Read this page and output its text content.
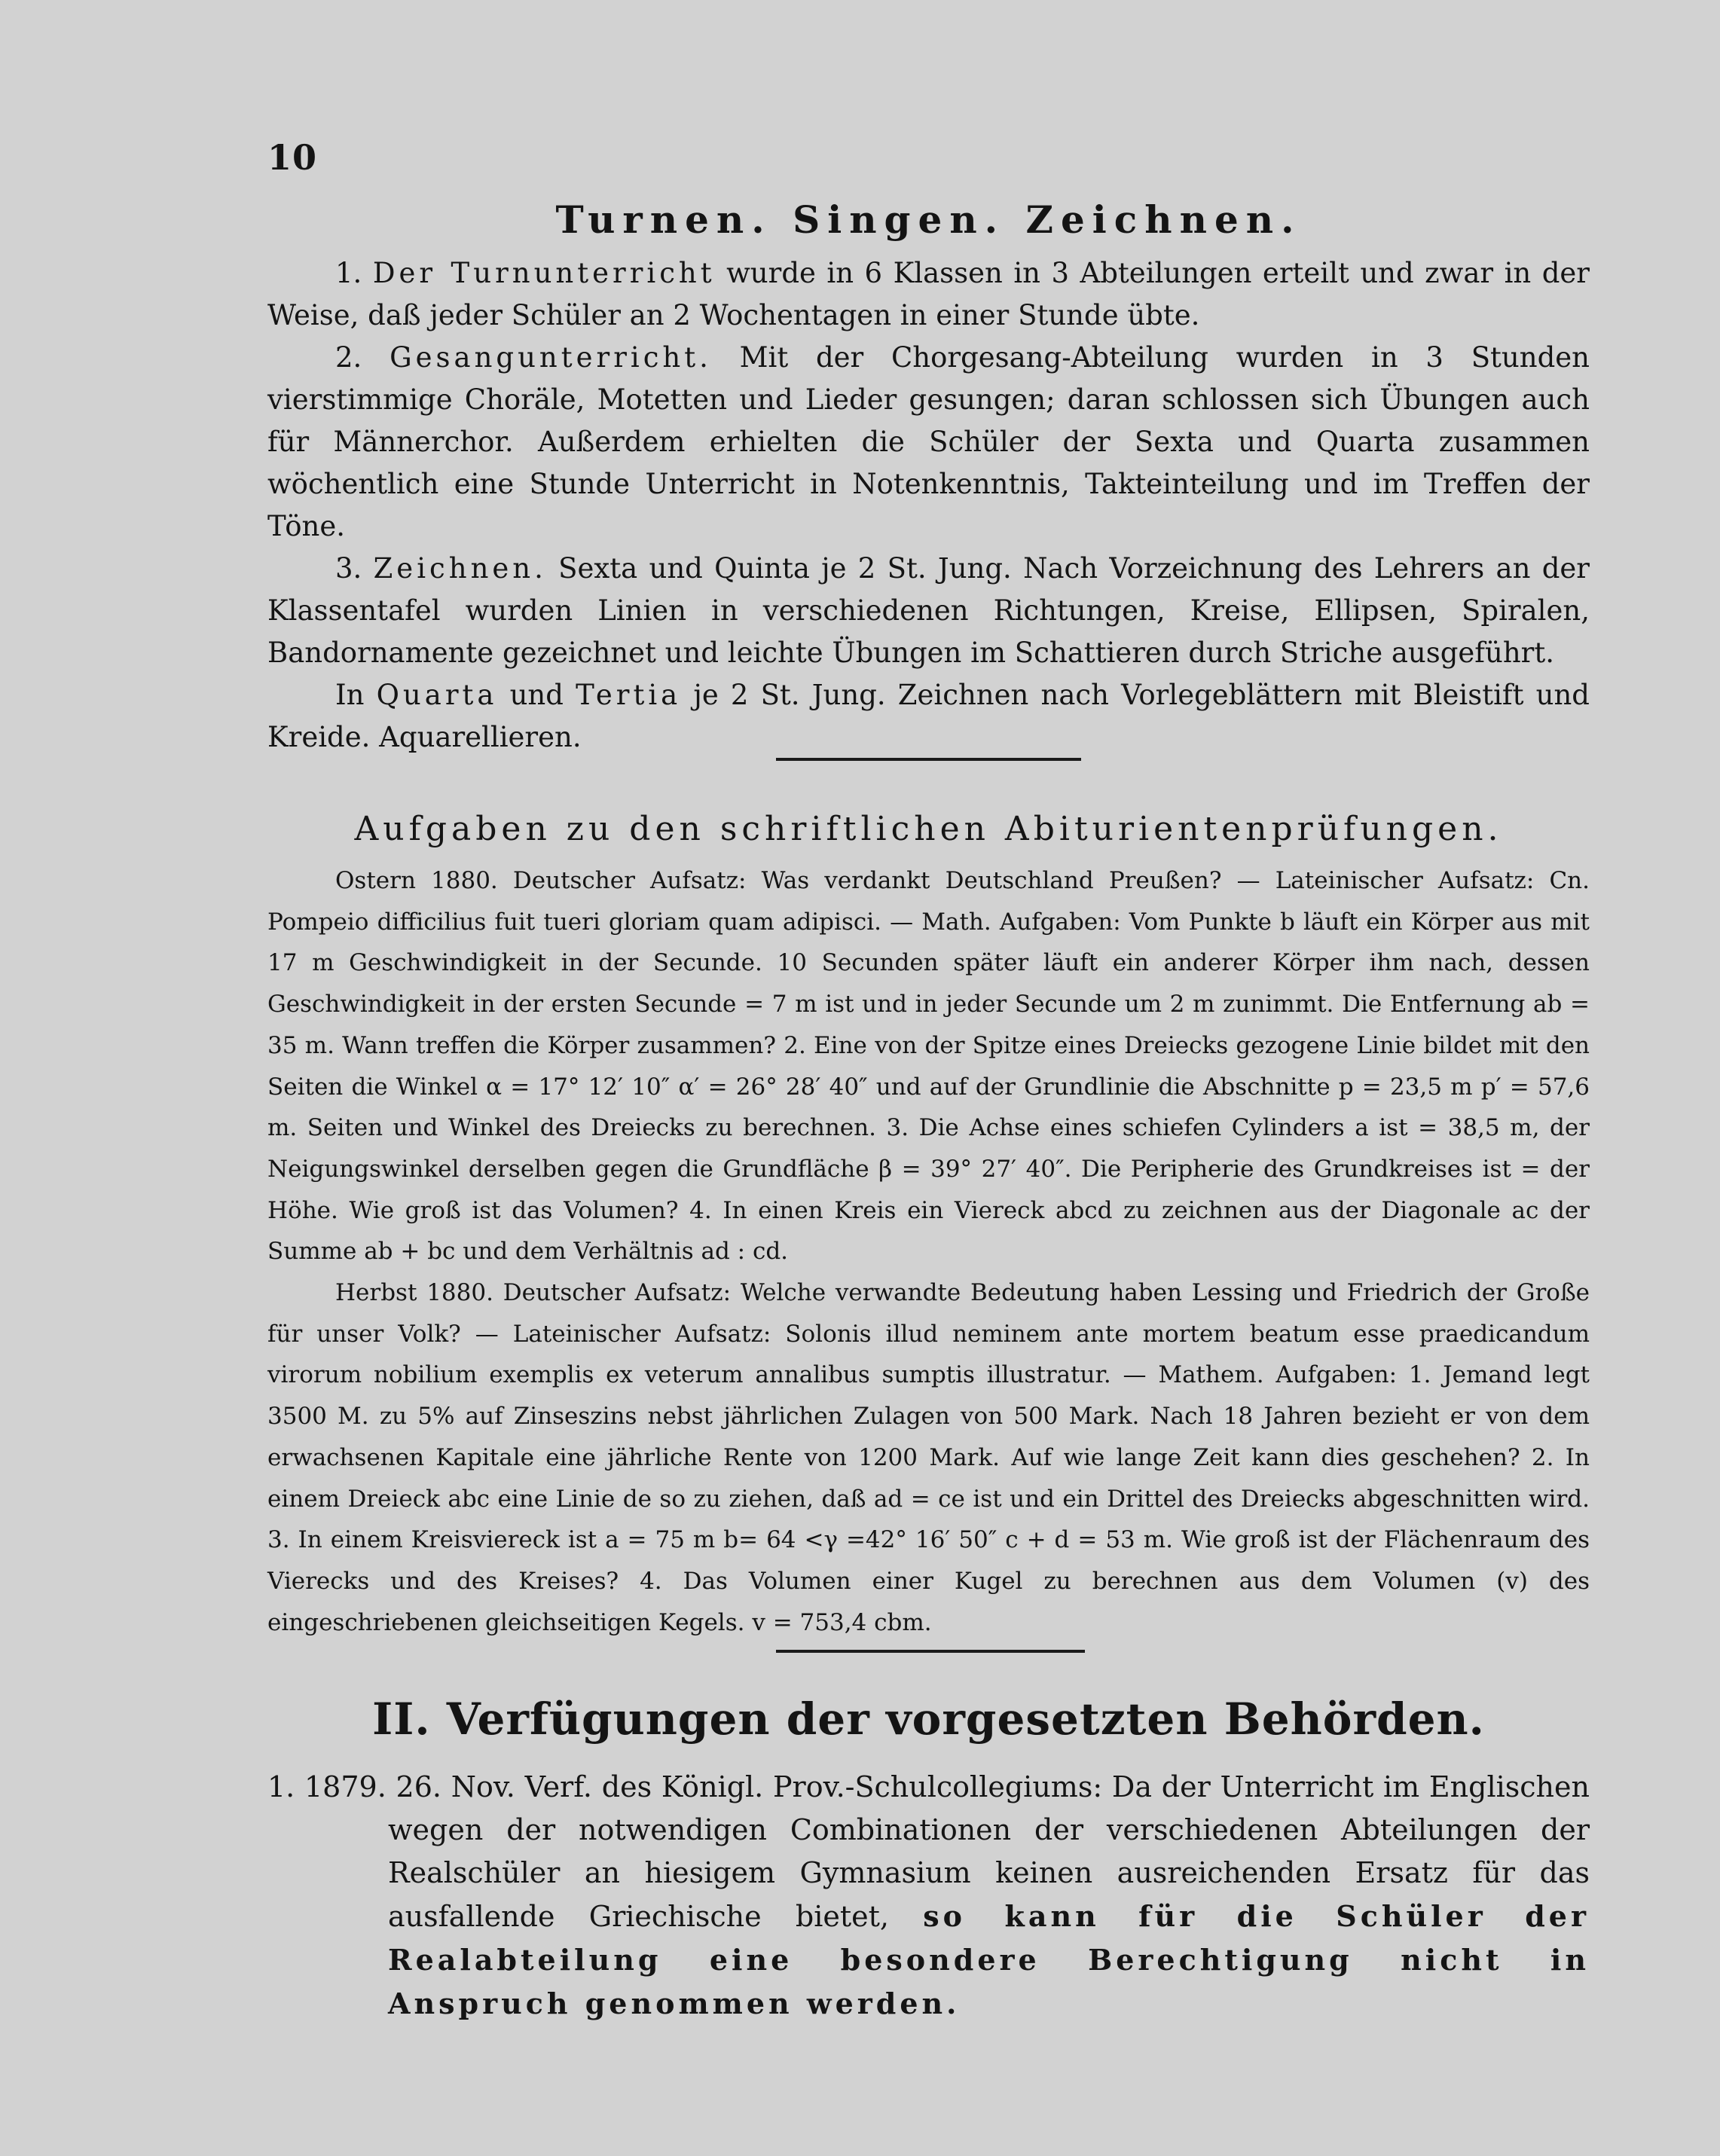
10
Turnen. Singen. Zeichnen.

1. Der Turnunterricht wurde in 6 Klassen in 3 Abteilungen erteilt und zwar in der Weise, daß jeder Schüler an 2 Wochentagen in einer Stunde übte.

2. Gesangunterricht. Mit der Chorgesang-Abteilung wurden in 3 Stunden vierstimmige Choräle, Motetten und Lieder gesungen; daran schlossen sich Übungen auch für Männerchor. Außerdem erhielten die Schüler der Sexta und Quarta zusammen wöchentlich eine Stunde Unterricht in Notenkenntnis, Takteinteilung und im Treffen der Töne.

3. Zeichnen. Sexta und Quinta je 2 St. Jung. Nach Vorzeichnung des Lehrers an der Klassentafel wurden Linien in verschiedenen Richtungen, Kreise, Ellipsen, Spiralen, Bandornamente gezeichnet und leichte Übungen im Schattieren durch Striche ausgeführt.

In Quarta und Tertia je 2 St. Jung. Zeichnen nach Vorlegeblättern mit Bleistift und Kreide. Aquarellieren.

Aufgaben zu den schriftlichen Abiturientenprüfungen.

Ostern 1880. Deutscher Aufsatz: Was verdankt Deutschland Preußen? — Lateinischer Aufsatz: Cn. Pompeio difficilius fuit tueri gloriam quam adipisci. — Math. Aufgaben: Vom Punkte b läuft ein Körper aus mit 17 m Geschwindigkeit in der Secunde. 10 Secunden später läuft ein anderer Körper ihm nach, dessen Geschwindigkeit in der ersten Secunde = 7 m ist und in jeder Secunde um 2 m zunimmt. Die Entfernung ab = 35 m. Wann treffen die Körper zusammen? 2. Eine von der Spitze eines Dreiecks gezogene Linie bildet mit den Seiten die Winkel α = 17° 12′ 10″ α′ = 26° 28′ 40″ und auf der Grundlinie die Abschnitte p = 23,5 m p′ = 57,6 m. Seiten und Winkel des Dreiecks zu berechnen. 3. Die Achse eines schiefen Cylinders a ist = 38,5 m, der Neigungswinkel derselben gegen die Grundfläche β = 39° 27′ 40″. Die Peripherie des Grundkreises ist = der Höhe. Wie groß ist das Volumen? 4. In einen Kreis ein Viereck abcd zu zeichnen aus der Diagonale ac der Summe ab + bc und dem Verhältnis ad : cd.

Herbst 1880. Deutscher Aufsatz: Welche verwandte Bedeutung haben Lessing und Friedrich der Große für unser Volk? — Lateinischer Aufsatz: Solonis illud neminem ante mortem beatum esse praedicandum virorum nobilium exemplis ex veterum annalibus sumptis illustratur. — Mathem. Aufgaben: 1. Jemand legt 3500 M. zu 5% auf Zinseszins nebst jährlichen Zulagen von 500 Mark. Nach 18 Jahren bezieht er von dem erwachsenen Kapitale eine jährliche Rente von 1200 Mark. Auf wie lange Zeit kann dies geschehen? 2. In einem Dreieck abc eine Linie de so zu ziehen, daß ad = ce ist und ein Drittel des Dreiecks abgeschnitten wird. 3. In einem Kreisviereck ist a = 75 m b= 64 <γ =42° 16′ 50″ c + d = 53 m. Wie groß ist der Flächenraum des Vierecks und des Kreises? 4. Das Volumen einer Kugel zu berechnen aus dem Volumen (v) des eingeschriebenen gleichseitigen Kegels. v = 753,4 cbm.

II. Verfügungen der vorgesetzten Behörden.

1. 1879. 26. Nov. Verf. des Königl. Prov.-Schulcollegiums: Da der Unterricht im Englischen wegen der notwendigen Combinationen der verschiedenen Abteilungen der Realschüler an hiesigem Gymnasium keinen ausreichenden Ersatz für das ausfallende Griechische bietet, so kann für die Schüler der Realabteilung eine besondere Berechtigung nicht in Anspruch genommen werden.
